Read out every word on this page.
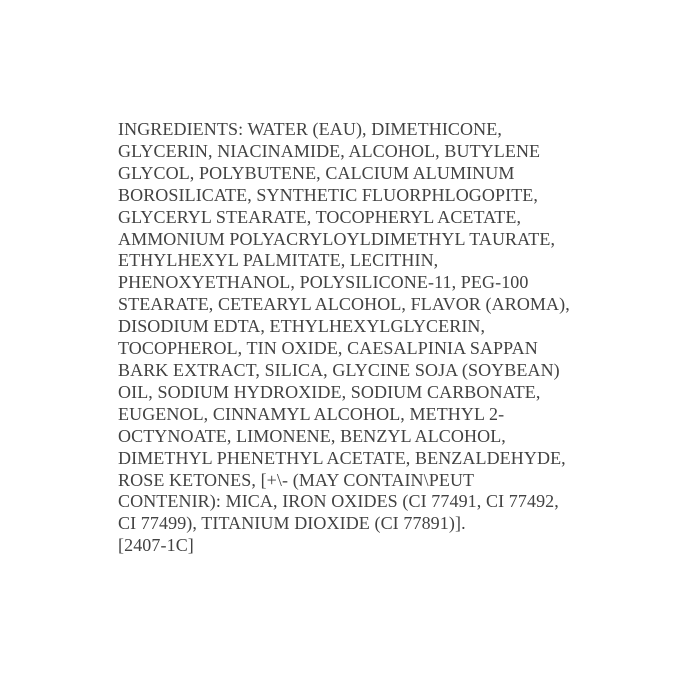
INGREDIENTS: WATER (EAU), DIMETHICONE,
GLYCERIN, NIACINAMIDE, ALCOHOL, BUTYLENE
GLYCOL, POLYBUTENE, CALCIUM ALUMINUM
BOROSILICATE, SYNTHETIC FLUORPHLOGOPITE,
GLYCERYL STEARATE, TOCOPHERYL ACETATE,
AMMONIUM POLYACRYLOYLDIMETHYL TAURATE,
ETHYLHEXYL PALMITATE, LECITHIN,
PHENOXYETHANOL, POLYSILICONE-11, PEG-100
STEARATE, CETEARYL ALCOHOL, FLAVOR (AROMA),
DISODIUM EDTA, ETHYLHEXYLGLYCERIN,
TOCOPHEROL, TIN OXIDE, CAESALPINIA SAPPAN
BARK EXTRACT, SILICA, GLYCINE SOJA (SOYBEAN)
OIL, SODIUM HYDROXIDE, SODIUM CARBONATE,
EUGENOL, CINNAMYL ALCOHOL, METHYL 2-
OCTYNOATE, LIMONENE, BENZYL ALCOHOL,
DIMETHYL PHENETHYL ACETATE, BENZALDEHYDE,
ROSE KETONES, [+\- (MAY CONTAIN\PEUT
CONTENIR): MICA, IRON OXIDES (CI 77491, CI 77492,
CI 77499), TITANIUM DIOXIDE (CI 77891)].
[2407-1C]
